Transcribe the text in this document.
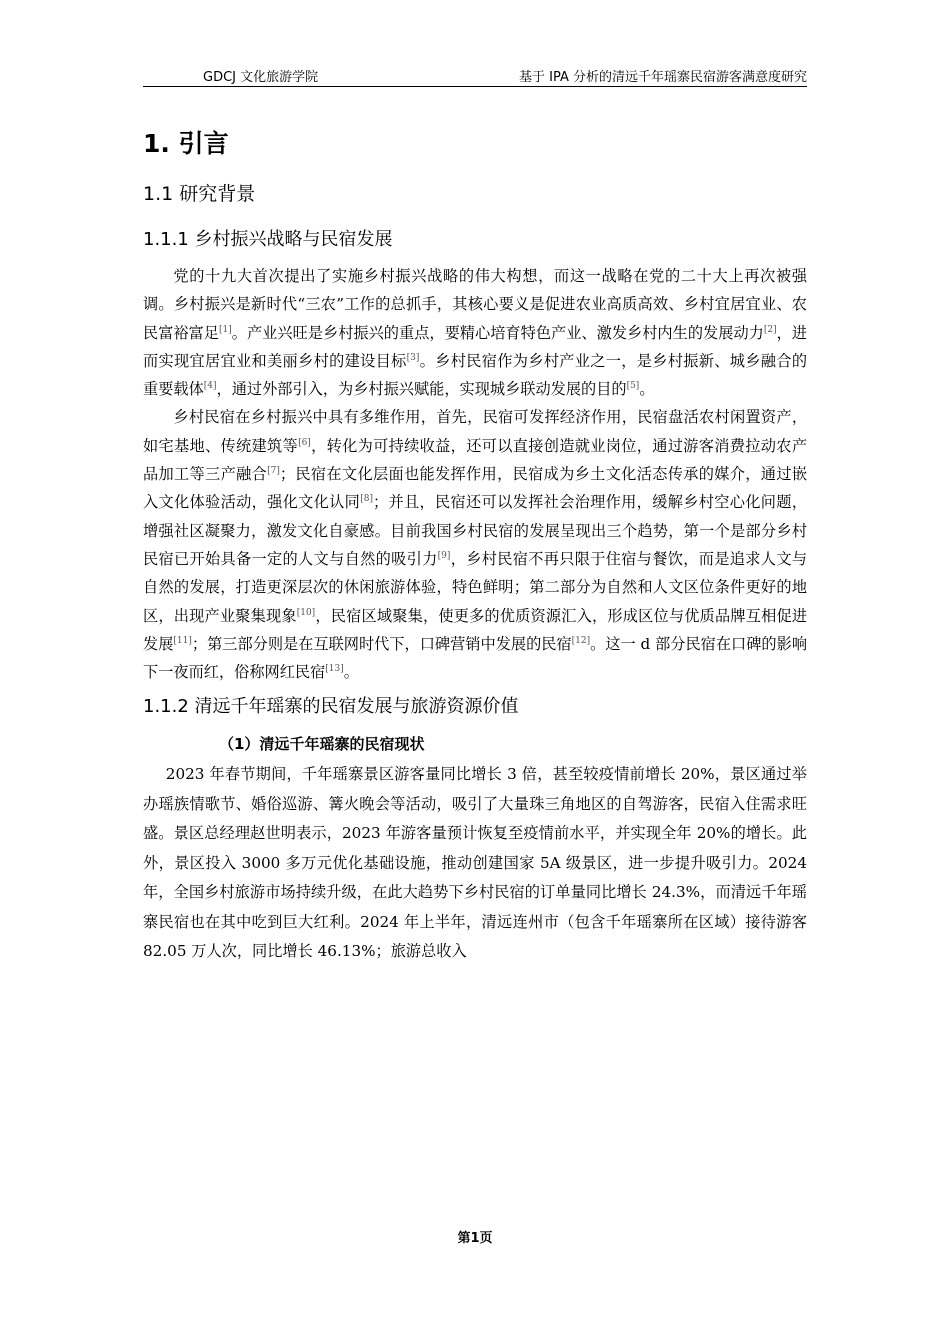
GDCJ 文化旅游学院	基于 IPA 分析的清远千年瑶寨民宿游客满意度研究
1. 引言
1.1 研究背景
1.1.1 乡村振兴战略与民宿发展

党的十九大首次提出了实施乡村振兴战略的伟大构想，而这一战略在党的二十大上再次被强调。乡村振兴是新时代“三农”工作的总抓手，其核心要义是促进农业高质高效、乡村宜居宜业、农民富裕富足[1]。产业兴旺是乡村振兴的重点，要精心培育特色产业、激发乡村内生的发展动力[2]，进而实现宜居宜业和美丽乡村的建设目标[3]。乡村民宿作为乡村产业之一，是乡村振新、城乡融合的重要载体[4]，通过外部引入，为乡村振兴赋能，实现城乡联动发展的目的[5]。

乡村民宿在乡村振兴中具有多维作用，首先，民宿可发挥经济作用，民宿盘活农村闲置资产，如宅基地、传统建筑等[6]，转化为可持续收益，还可以直接创造就业岗位，通过游客消费拉动农产品加工等三产融合[7]；民宿在文化层面也能发挥作用，民宿成为乡土文化活态传承的媒介，通过嵌入文化体验活动，强化文化认同[8]；并且，民宿还可以发挥社会治理作用，缓解乡村空心化问题，增强社区凝聚力，激发文化自豪感。目前我国乡村民宿的发展呈现出三个趋势，第一个是部分乡村民宿已开始具备一定的人文与自然的吸引力[9]，乡村民宿不再只限于住宿与餐饮，而是追求人文与自然的发展，打造更深层次的休闲旅游体验，特色鲜明；第二部分为自然和人文区位条件更好的地区，出现产业聚集现象[10]，民宿区域聚集，使更多的优质资源汇入，形成区位与优质品牌互相促进发展[11]；第三部分则是在互联网时代下，口碑营销中发展的民宿[12]。这一 d 部分民宿在口碑的影响下一夜而红，俗称网红民宿[13]。

1.1.2 清远千年瑶寨的民宿发展与旅游资源价值
（1）清远千年瑶寨的民宿现状

2023 年春节期间，千年瑶寨景区游客量同比增长 3 倍，甚至较疫情前增长 20%，景区通过举办瑶族情歌节、婚俗巡游、篝火晚会等活动，吸引了大量珠三角地区的自驾游客，民宿入住需求旺盛。景区总经理赵世明表示，2023 年游客量预计恢复至疫情前水平，并实现全年 20%的增长。此外，景区投入 3000 多万元优化基础设施，推动创建国家 5A 级景区，进一步提升吸引力。2024 年，全国乡村旅游市场持续升级，在此大趋势下乡村民宿的订单量同比增长 24.3%，而清远千年瑶寨民宿也在其中吃到巨大红利。2024 年上半年，清远连州市（包含千年瑶寨所在区域）接待游客 82.05 万人次，同比增长 46.13%；旅游总收入

第1页
